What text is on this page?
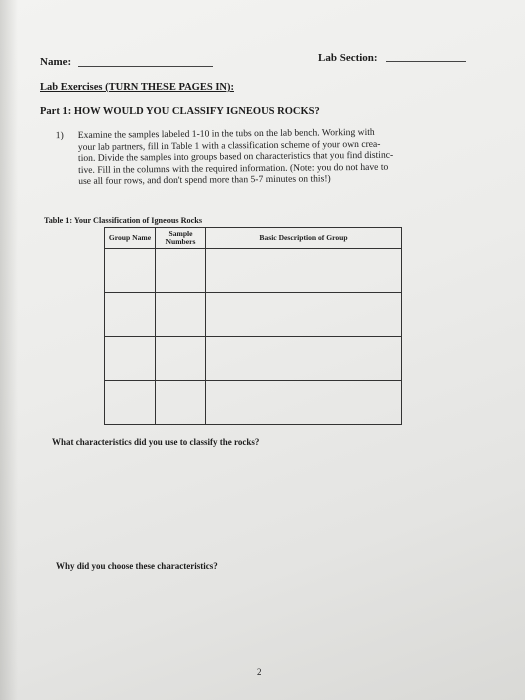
Name:	Lab Section:
Lab Exercises (TURN THESE PAGES IN):
Part 1: HOW WOULD YOU CLASSIFY IGNEOUS ROCKS?
1) Examine the samples labeled 1-10 in the tubs on the lab bench. Working with

your lab partners, fill in Table 1 with a classification scheme of your own crea-

tion. Divide the samples into groups based on characteristics that you find distinc-

tive. Fill in the columns with the required information. (Note: you do not have to

use all four rows, and don't spend more than 5-7 minutes on this!)

Table 1: Your Classification of Igneous Rocks
Group Name	Sample Numbers	Basic Description of Group

What characteristics did you use to classify the rocks?
Why did you choose these characteristics?
2
